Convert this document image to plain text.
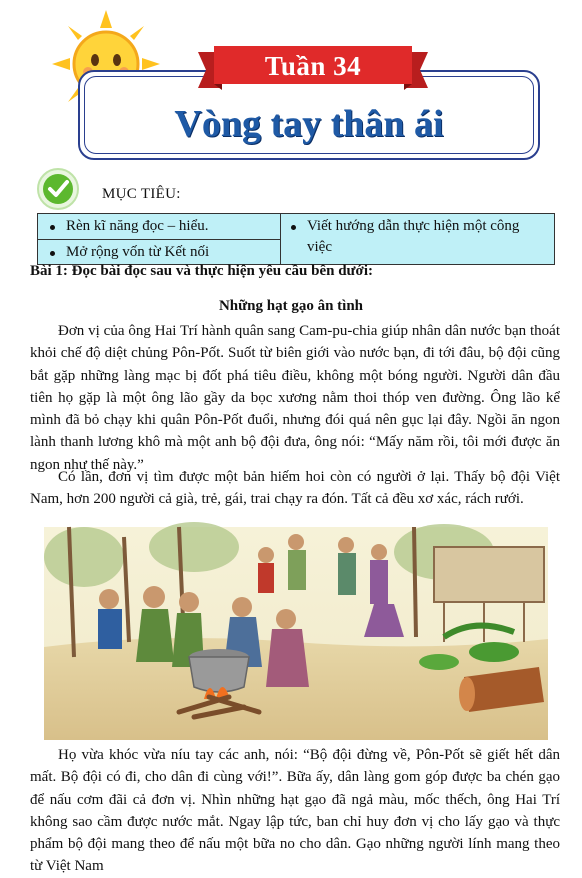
Tuần 34
Vòng tay thân ái
MỤC TIÊU:
Rèn kĩ năng đọc – hiểu.
Mở rộng vốn từ Kết nối
Viết hướng dẫn thực hiện một công việc
Bài 1: Đọc bài đọc sau và thực hiện yêu cầu bên dưới:
Những hạt gạo ân tình

Đơn vị của ông Hai Trí hành quân sang Cam-pu-chia giúp nhân dân nước bạn thoát khỏi chế độ diệt chủng Pôn-Pốt. Suốt từ biên giới vào nước bạn, đi tới đâu, bộ đội cũng bắt gặp những làng mạc bị đốt phá tiêu điều, không một bóng người. Người dân đầu tiên họ gặp là một ông lão gầy da bọc xương nằm thoi thóp ven đường. Ông lão kể mình đã bỏ chạy khi quân Pôn-Pốt đuổi, nhưng đói quá nên gục lại đây. Ngồi ăn ngon lành thanh lương khô mà một anh bộ đội đưa, ông nói: “Mấy năm rồi, tôi mới được ăn ngon như thế này.”

Có lần, đơn vị tìm được một bản hiếm hoi còn có người ở lại. Thấy bộ đội Việt Nam, hơn 200 người cả già, trẻ, gái, trai chạy ra đón. Tất cả đều xơ xác, rách rưới.

Họ vừa khóc vừa níu tay các anh, nói: “Bộ đội đừng về, Pôn-Pốt sẽ giết hết dân mất. Bộ đội có đi, cho dân đi cùng với!”. Bữa ấy, dân làng gom góp được ba chén gạo để nấu cơm đãi cả đơn vị. Nhìn những hạt gạo đã ngả màu, mốc thếch, ông Hai Trí không sao cầm được nước mắt. Ngay lập tức, ban chỉ huy đơn vị cho lấy gạo và thực phẩm bộ đội mang theo để nấu một bữa no cho dân. Gạo những người lính mang theo từ Việt Nam
